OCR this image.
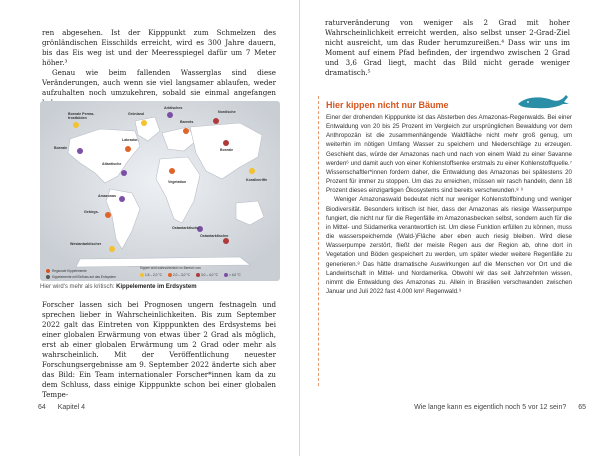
ren abgesehen. Ist der Kipppunkt zum Schmelzen des grönländischen Eisschilds erreicht, wird es 300 Jahre dauern, bis das Eis weg ist und der Meeresspiegel dafür um 7 Meter höher.³

Genau wie beim fallenden Wasserglas sind diese Veränderungen, auch wenn sie viel langsamer ablaufen, weder aufzuhalten noch umzukehren, sobald sie einmal angefangen

Boreale Perma-frostböden
Grönland
Arktisches
Barents
Nordische
Boreale
Labrador-
Boreale
Atlantische
Vegetation	Korallenriffe
Amazonas
Gebirgs-
Ostantarktische
Ostantarktischer
Westantarktischer
Regionale Kippelemente
Kippelemente mit Einfluss auf das Erdsystem
Kippen wird wahrscheinlich im Bereich von:
1,5 – 2,0 °C	2,0 – 3,0 °C	3,0 – 4,0 °C	> 4,0 °C
Hier wird's mehr als kritisch: Kippelemente im Erdsystem

Forscher lassen sich bei Prognosen ungern festnageln und sprechen lieber in Wahrscheinlichkeiten. Bis zum September 2022 galt das Eintreten von Kipppunkten des Erdsystems bei einer globalen Erwärmung von etwas über 2 Grad als möglich, erst ab einer globalen Erwärmung um 2 Grad oder mehr als wahrscheinlich. Mit der Veröffentlichung neuester Forschungsergebnisse am 9. September 2022 änderte sich aber das Bild: Ein Team internationaler Forscher*innen kam da zu dem Schluss, dass einige Kipppunkte schon bei einer globalen Tempe-

64 Kapitel 4

raturveränderung von weniger als 2 Grad mit hoher Wahrscheinlichkeit erreicht werden, also selbst unser 2-Grad-Ziel nicht ausreicht, um das Ruder herumzureißen.⁴ Dass wir uns im Moment auf einem Pfad befinden, der irgendwo zwischen 2 Grad und 3,6 Grad liegt, macht das Bild nicht gerade weniger dramatisch.⁵

Hier kippen nicht nur Bäume

Einer der drohenden Kipppunkte ist das Absterben des Amazonas-Regenwalds. Bei einer Entwaldung von 20 bis 25 Prozent im Vergleich zur ursprünglichen Bewaldung vor dem Anthropozän ist die zusammenhängende Waldfläche nicht mehr groß genug, um weiterhin im nötigen Umfang Wasser zu speichern und Niederschläge zu erzeugen. Geschieht das, würde der Amazonas nach und nach von einem Wald zu einer Savanne werden⁶ und damit auch von einer Kohlenstoffsenke erstmals zu einer Kohlenstoffquelle.⁷ Wissenschaftler*innen fordern daher, die Entwaldung des Amazonas bei spätestens 20 Prozent für immer zu stoppen. Um das zu erreichen, müssen wir rasch handeln, denn 18 Prozent dieses einzigartigen Ökosystems sind bereits verschwunden.⁸ ⁹

Weniger Amazonaswald bedeutet nicht nur weniger Kohlenstoffbindung und weniger Biodiversität. Besonders kritisch ist hier, dass der Amazonas als riesige Wasserpumpe fungiert, die nicht nur für die Regenfälle im Amazonasbecken selbst, sondern auch für die in Mittel- und Südamerika verantwortlich ist. Um diese Funktion erfüllen zu können, muss die wasserspeichernde (Wald-)Fläche aber eben auch riesig bleiben. Wird diese Wasserpumpe zerstört, fließt der meiste Regen aus der Region ab, ohne dort in Vegetation und Böden gespeichert zu werden, um später wieder weitere Regenfälle zu generieren.⁸ Das hätte dramatische Auswirkungen auf die Menschen vor Ort und die Landwirtschaft in Mittel- und Nordamerika. Obwohl wir das seit Jahrzehnten wissen, nimmt die Entwaldung des Amazonas zu. Allein in Brasilien verschwanden zwischen Januar und Juli 2022 fast 4.000 km² Regenwald.⁹

Wie lange kann es eigentlich noch 5 vor 12 sein? 65
